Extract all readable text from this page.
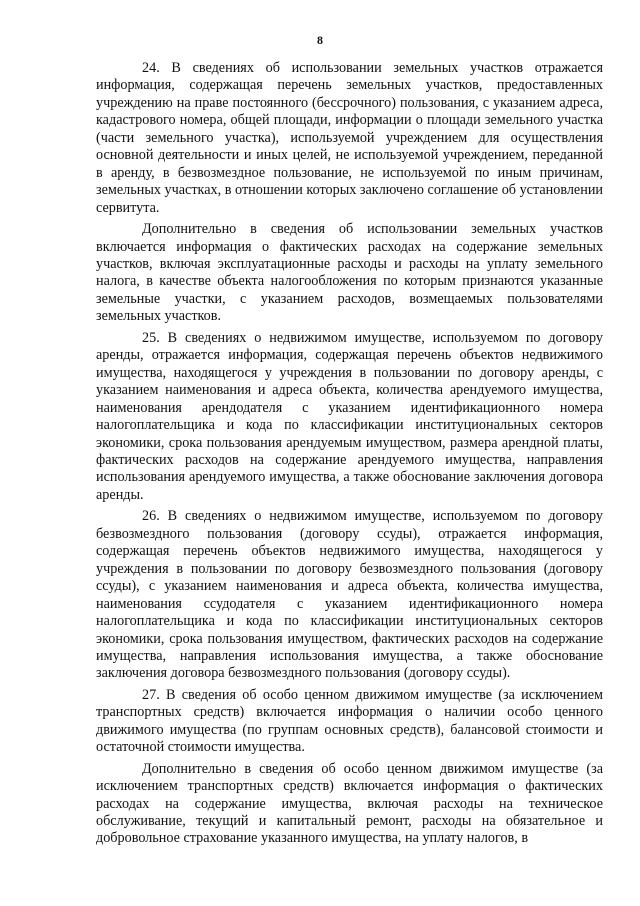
8

24. В сведениях об использовании земельных участков отражается информация, содержащая перечень земельных участков, предоставленных учреждению на праве постоянного (бессрочного) пользования, с указанием адреса, кадастрового номера, общей площади, информации о площади земельного участка (части земельного участка), используемой учреждением для осуществления основной деятельности и иных целей, не используемой учреждением, переданной в аренду, в безвозмездное пользование, не используемой по иным причинам, земельных участках, в отношении которых заключено соглашение об установлении сервитута.

Дополнительно в сведения об использовании земельных участков включается информация о фактических расходах на содержание земельных участков, включая эксплуатационные расходы и расходы на уплату земельного налога, в качестве объекта налогообложения по которым признаются указанные земельные участки, с указанием расходов, возмещаемых пользователями земельных участков.

25. В сведениях о недвижимом имуществе, используемом по договору аренды, отражается информация, содержащая перечень объектов недвижимого имущества, находящегося у учреждения в пользовании по договору аренды, с указанием наименования и адреса объекта, количества арендуемого имущества, наименования арендодателя с указанием идентификационного номера налогоплательщика и кода по классификации институциональных секторов экономики, срока пользования арендуемым имуществом, размера арендной платы, фактических расходов на содержание арендуемого имущества, направления использования арендуемого имущества, а также обоснование заключения договора аренды.

26. В сведениях о недвижимом имуществе, используемом по договору безвозмездного пользования (договору ссуды), отражается информация, содержащая перечень объектов недвижимого имущества, находящегося у учреждения в пользовании по договору безвозмездного пользования (договору ссуды), с указанием наименования и адреса объекта, количества имущества, наименования ссудодателя с указанием идентификационного номера налогоплательщика и кода по классификации институциональных секторов экономики, срока пользования имуществом, фактических расходов на содержание имущества, направления использования имущества, а также обоснование заключения договора безвозмездного пользования (договору ссуды).

27. В сведения об особо ценном движимом имуществе (за исключением транспортных средств) включается информация о наличии особо ценного движимого имущества (по группам основных средств), балансовой стоимости и остаточной стоимости имущества.

Дополнительно в сведения об особо ценном движимом имуществе (за исключением транспортных средств) включается информация о фактических расходах на содержание имущества, включая расходы на техническое обслуживание, текущий и капитальный ремонт, расходы на обязательное и добровольное страхование указанного имущества, на уплату налогов, в
